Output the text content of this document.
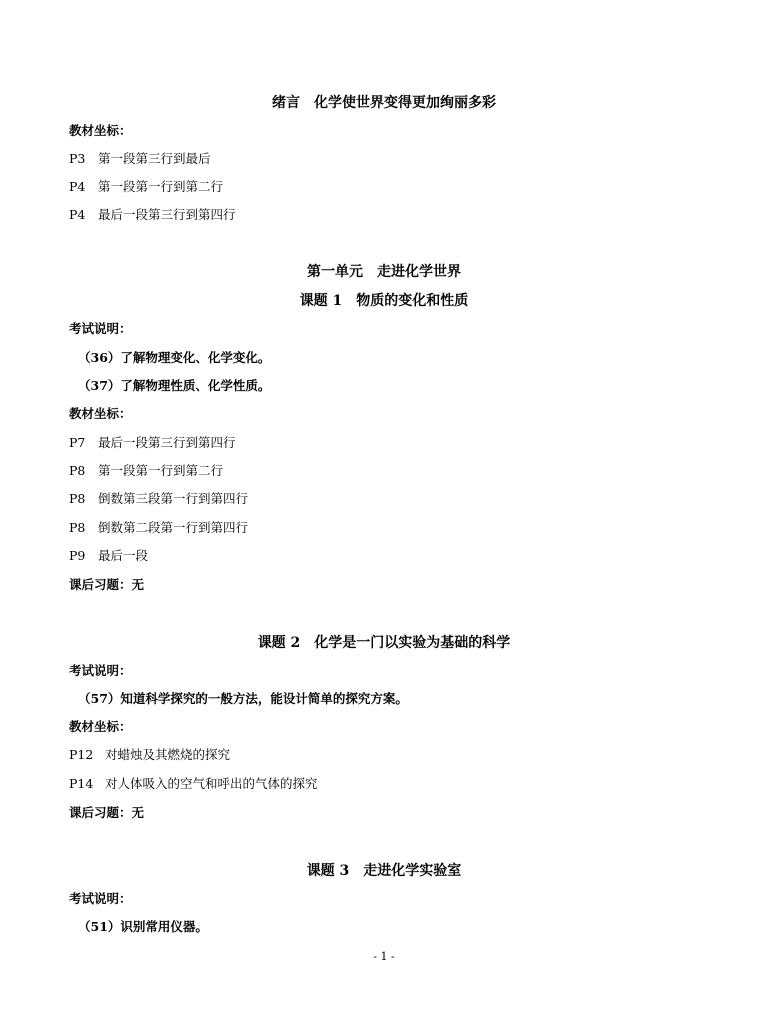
绪言　化学使世界变得更加绚丽多彩
教材坐标：
P3 第一段第三行到最后
P4 第一段第一行到第二行
P4 最后一段第三行到第四行
第一单元　走进化学世界
课题 1　物质的变化和性质
考试说明：
（36）了解物理变化、化学变化。
（37）了解物理性质、化学性质。
教材坐标：
P7 最后一段第三行到第四行
P8 第一段第一行到第二行
P8 倒数第三段第一行到第四行
P8 倒数第二段第一行到第四行
P9 最后一段
课后习题：无
课题 2　化学是一门以实验为基础的科学
考试说明：
（57）知道科学探究的一般方法，能设计简单的探究方案。
教材坐标：
P12 对蜡烛及其燃烧的探究
P14 对人体吸入的空气和呼出的气体的探究
课后习题：无
课题 3　走进化学实验室
考试说明：
（51）识别常用仪器。
- 1 -
